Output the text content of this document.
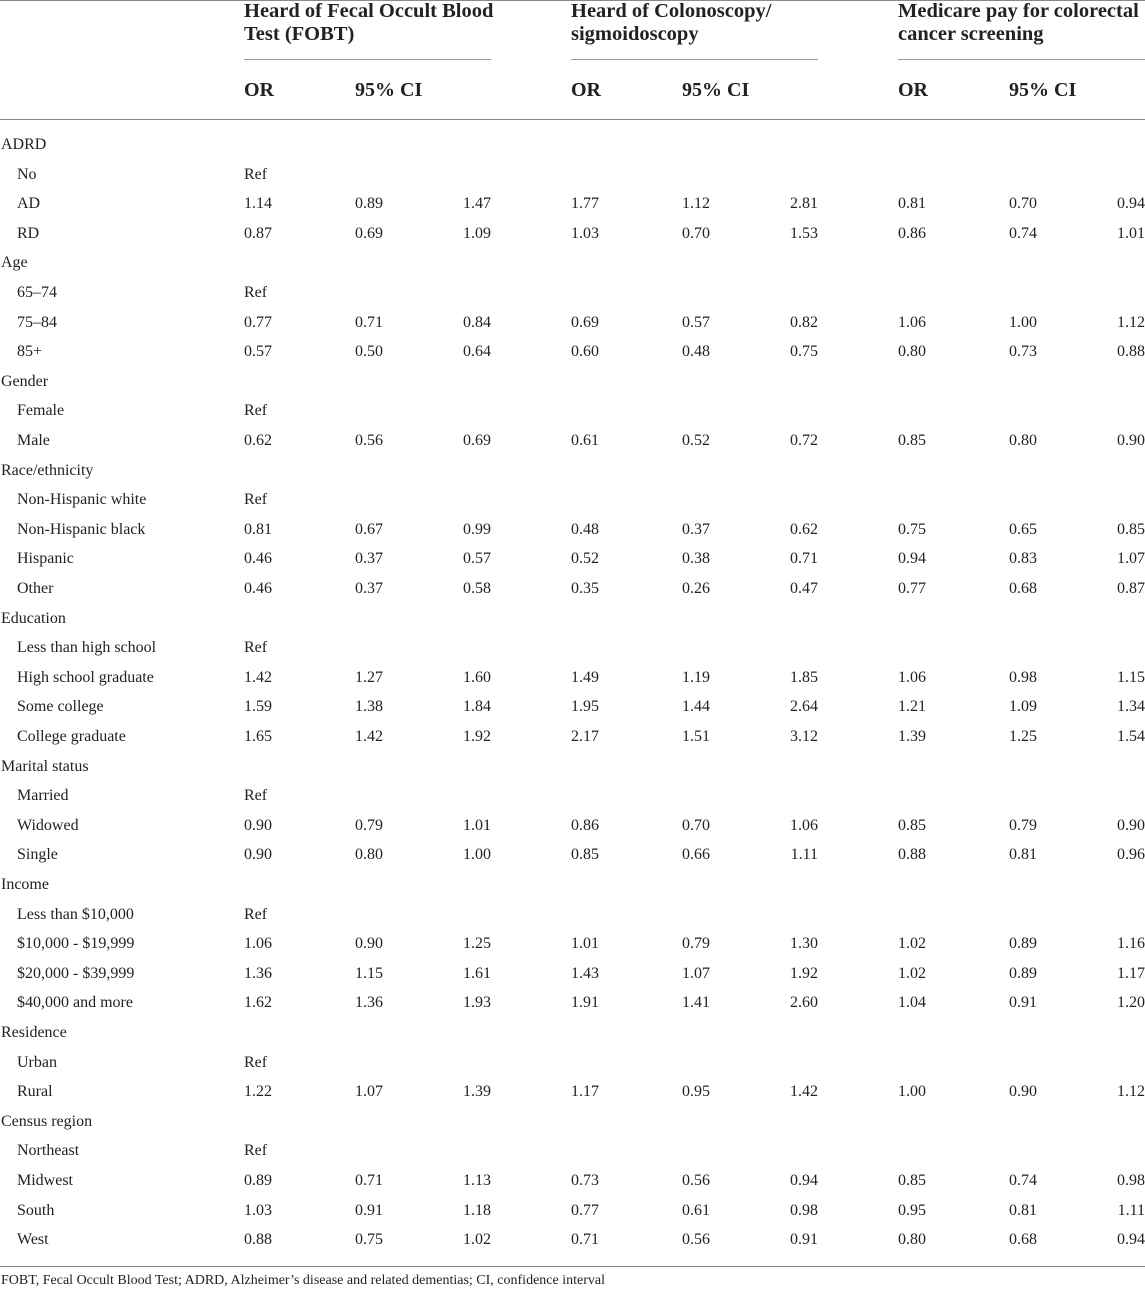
Heard of Fecal Occult Blood
Test (FOBT)
Heard of Colonoscopy/
sigmoidoscopy
Medicare pay for colorectal
cancer screening
OR	95% CI	OR	95% CI	OR	95% CI
ADRD
No	Ref
AD	1.14	0.89	1.47	1.77	1.12	2.81	0.81	0.70	0.94
RD	0.87	0.69	1.09	1.03	0.70	1.53	0.86	0.74	1.01
Age
65–74	Ref
75–84	0.77	0.71	0.84	0.69	0.57	0.82	1.06	1.00	1.12
85+	0.57	0.50	0.64	0.60	0.48	0.75	0.80	0.73	0.88
Gender
Female	Ref
Male	0.62	0.56	0.69	0.61	0.52	0.72	0.85	0.80	0.90
Race/ethnicity
Non-Hispanic white	Ref
Non-Hispanic black	0.81	0.67	0.99	0.48	0.37	0.62	0.75	0.65	0.85
Hispanic	0.46	0.37	0.57	0.52	0.38	0.71	0.94	0.83	1.07
Other	0.46	0.37	0.58	0.35	0.26	0.47	0.77	0.68	0.87
Education
Less than high school	Ref
High school graduate	1.42	1.27	1.60	1.49	1.19	1.85	1.06	0.98	1.15
Some college	1.59	1.38	1.84	1.95	1.44	2.64	1.21	1.09	1.34
College graduate	1.65	1.42	1.92	2.17	1.51	3.12	1.39	1.25	1.54
Marital status
Married	Ref
Widowed	0.90	0.79	1.01	0.86	0.70	1.06	0.85	0.79	0.90
Single	0.90	0.80	1.00	0.85	0.66	1.11	0.88	0.81	0.96
Income
Less than $10,000	Ref
$10,000 - $19,999	1.06	0.90	1.25	1.01	0.79	1.30	1.02	0.89	1.16
$20,000 - $39,999	1.36	1.15	1.61	1.43	1.07	1.92	1.02	0.89	1.17
$40,000 and more	1.62	1.36	1.93	1.91	1.41	2.60	1.04	0.91	1.20
Residence
Urban	Ref
Rural	1.22	1.07	1.39	1.17	0.95	1.42	1.00	0.90	1.12
Census region
Northeast	Ref
Midwest	0.89	0.71	1.13	0.73	0.56	0.94	0.85	0.74	0.98
South	1.03	0.91	1.18	0.77	0.61	0.98	0.95	0.81	1.11
West	0.88	0.75	1.02	0.71	0.56	0.91	0.80	0.68	0.94
FOBT, Fecal Occult Blood Test; ADRD, Alzheimer’s disease and related dementias; CI, confidence interval
